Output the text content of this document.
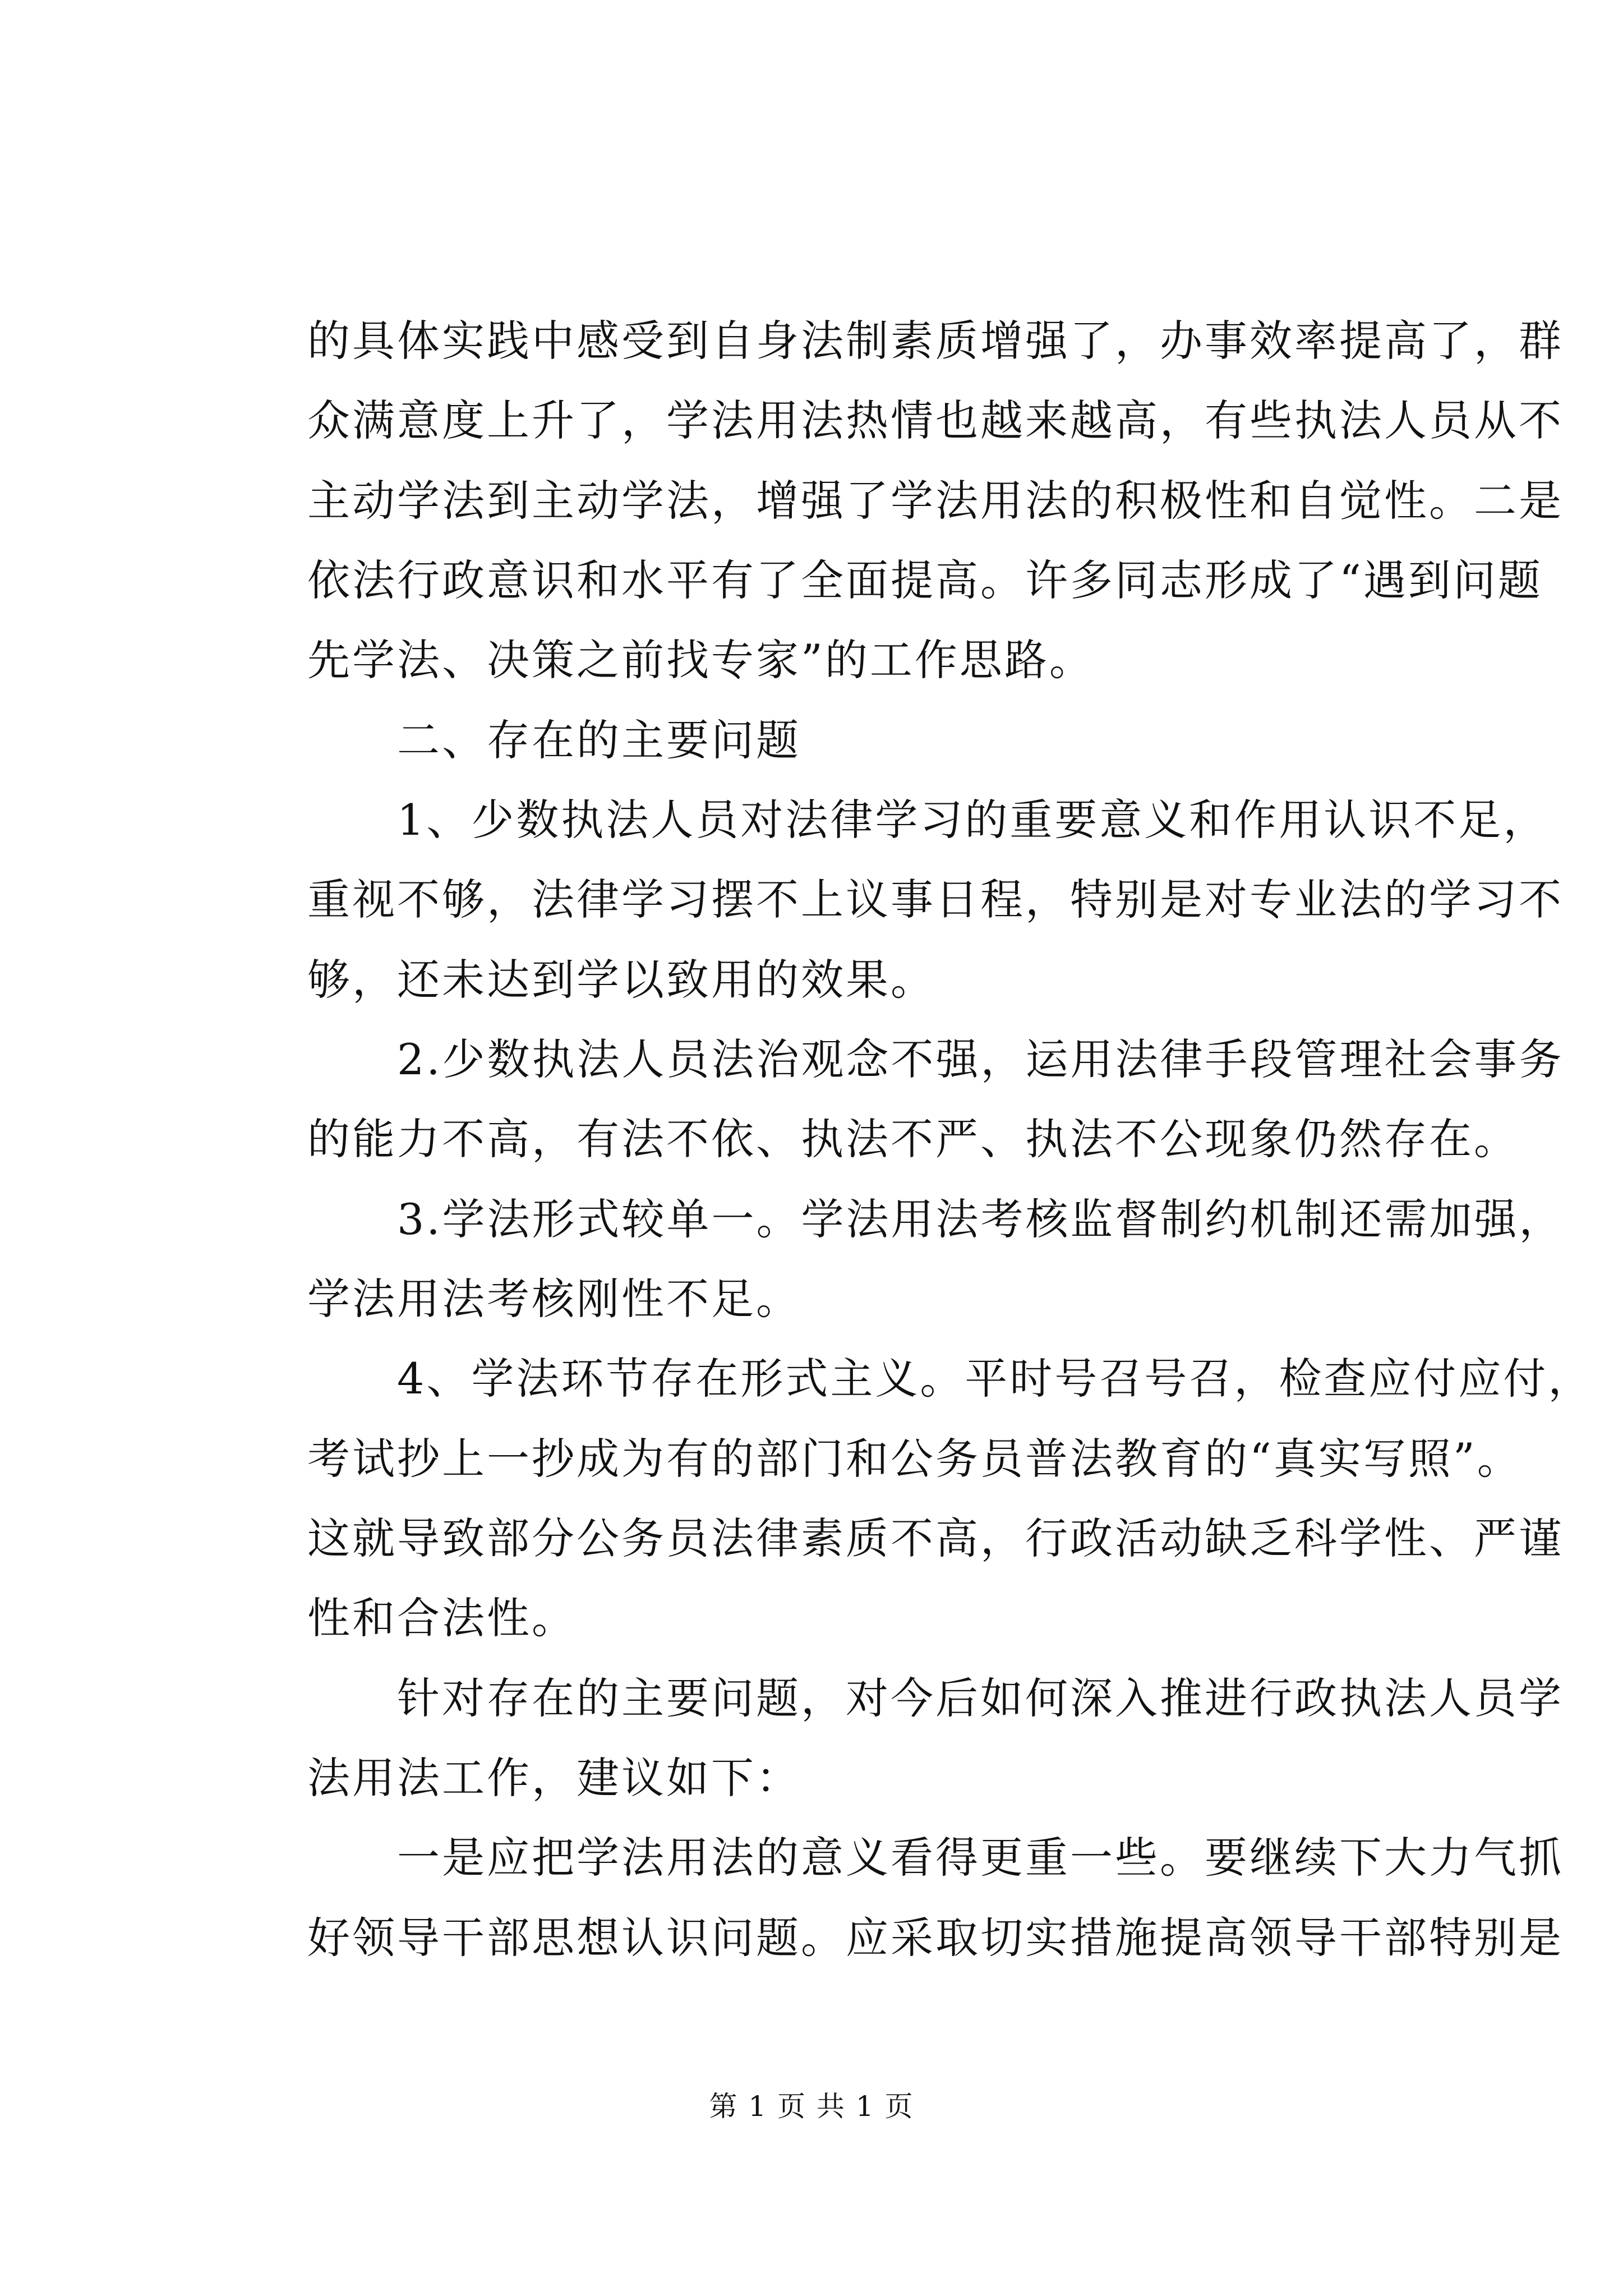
的具体实践中感受到自身法制素质增强了，办事效率提高了，群
众满意度上升了，学法用法热情也越来越高，有些执法人员从不
主动学法到主动学法，增强了学法用法的积极性和自觉性。二是
依法行政意识和水平有了全面提高。许多同志形成了“遇到问题
先学法、决策之前找专家”的工作思路。
二、存在的主要问题
1、少数执法人员对法律学习的重要意义和作用认识不足，
重视不够，法律学习摆不上议事日程，特别是对专业法的学习不
够，还未达到学以致用的效果。
2.少数执法人员法治观念不强，运用法律手段管理社会事务
的能力不高，有法不依、执法不严、执法不公现象仍然存在。
3.学法形式较单一。学法用法考核监督制约机制还需加强，
学法用法考核刚性不足。
4、学法环节存在形式主义。平时号召号召，检查应付应付，
考试抄上一抄成为有的部门和公务员普法教育的“真实写照”。
这就导致部分公务员法律素质不高，行政活动缺乏科学性、严谨
性和合法性。
针对存在的主要问题，对今后如何深入推进行政执法人员学
法用法工作，建议如下：
一是应把学法用法的意义看得更重一些。要继续下大力气抓
好领导干部思想认识问题。应采取切实措施提高领导干部特别是
第 1 页 共 1 页
